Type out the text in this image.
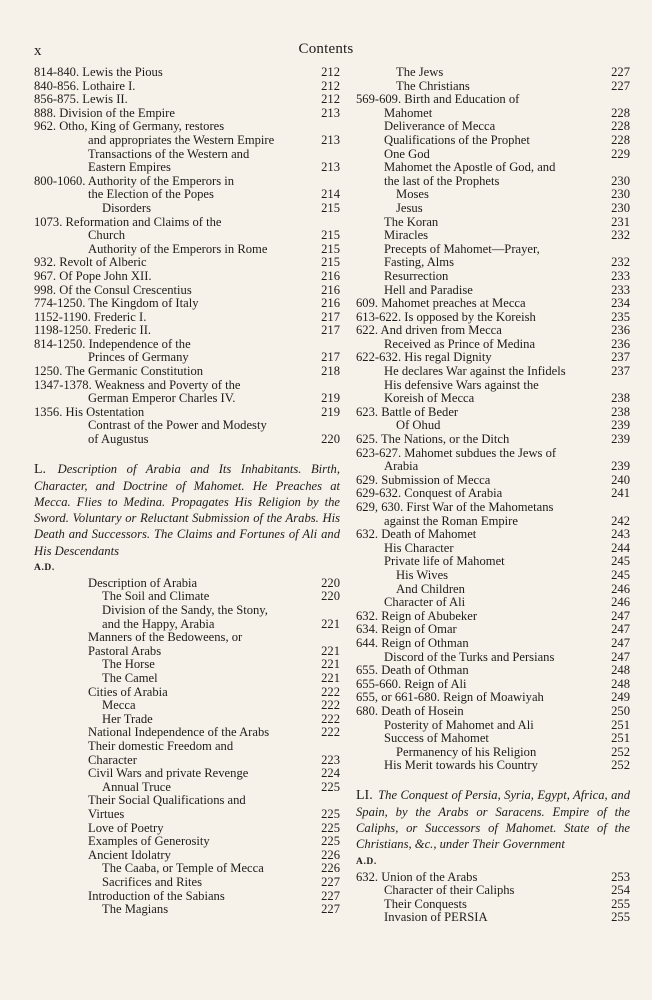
x	Contents
814-840. Lewis the Pious	212
840-856. Lothaire I.	212
856-875. Lewis II.	212
888. Division of the Empire	213
962. Otho, King of Germany, restores
and appropriates the Western Empire	213
Transactions of the Western and
Eastern Empires	213
800-1060. Authority of the Emperors in
the Election of the Popes	214
Disorders	215
1073. Reformation and Claims of the
Church	215
Authority of the Emperors in Rome	215
932. Revolt of Alberic	215
967. Of Pope John XII.	216
998. Of the Consul Crescentius	216
774-1250. The Kingdom of Italy	216
1152-1190. Frederic I.	217
1198-1250. Frederic II.	217
814-1250. Independence of the
Princes of Germany	217
1250. The Germanic Constitution	218
1347-1378. Weakness and Poverty of the
German Emperor Charles IV.	219
1356. His Ostentation	219
Contrast of the Power and Modesty
of Augustus	220
L. Description of Arabia and Its Inhabitants. Birth, Character, and Doctrine of Mahomet. He Preaches at Mecca. Flies to Medina. Propagates His Religion by the Sword. Voluntary or Reluctant Submission of the Arabs. His Death and Successors. The Claims and Fortunes of Ali and His Descendants
A.D.
Description of Arabia	220
The Soil and Climate	220
Division of the Sandy, the Stony,
and the Happy, Arabia	221
Manners of the Bedoweens, or
Pastoral Arabs	221
The Horse	221
The Camel	221
Cities of Arabia	222
Mecca	222
Her Trade	222
National Independence of the Arabs	222
Their domestic Freedom and
Character	223
Civil Wars and private Revenge	224
Annual Truce	225
Their Social Qualifications and
Virtues	225
Love of Poetry	225
Examples of Generosity	225
Ancient Idolatry	226
The Caaba, or Temple of Mecca	226
Sacrifices and Rites	227
Introduction of the Sabians	227
The Magians	227
The Jews	227
The Christians	227
569-609. Birth and Education of
Mahomet	228
Deliverance of Mecca	228
Qualifications of the Prophet	228
One God	229
Mahomet the Apostle of God, and
the last of the Prophets	230
Moses	230
Jesus	230
The Koran	231
Miracles	232
Precepts of Mahomet—Prayer,
Fasting, Alms	232
Resurrection	233
Hell and Paradise	233
609. Mahomet preaches at Mecca	234
613-622. Is opposed by the Koreish	235
622. And driven from Mecca	236
Received as Prince of Medina	236
622-632. His regal Dignity	237
He declares War against the Infidels	237
His defensive Wars against the
Koreish of Mecca	238
623. Battle of Beder	238
Of Ohud	239
625. The Nations, or the Ditch	239
623-627. Mahomet subdues the Jews of
Arabia	239
629. Submission of Mecca	240
629-632. Conquest of Arabia	241
629, 630. First War of the Mahometans
against the Roman Empire	242
632. Death of Mahomet	243
His Character	244
Private life of Mahomet	245
His Wives	245
And Children	246
Character of Ali	246
632. Reign of Abubeker	247
634. Reign of Omar	247
644. Reign of Othman	247
Discord of the Turks and Persians	247
655. Death of Othman	248
655-660. Reign of Ali	248
655, or 661-680. Reign of Moawiyah	249
680. Death of Hosein	250
Posterity of Mahomet and Ali	251
Success of Mahomet	251
Permanency of his Religion	252
His Merit towards his Country	252
LI. The Conquest of Persia, Syria, Egypt, Africa, and Spain, by the Arabs or Saracens. Empire of the Caliphs, or Successors of Mahomet. State of the Christians, &c., under Their Government
A.D.
632. Union of the Arabs	253
Character of their Caliphs	254
Their Conquests	255
Invasion of PERSIA	255
